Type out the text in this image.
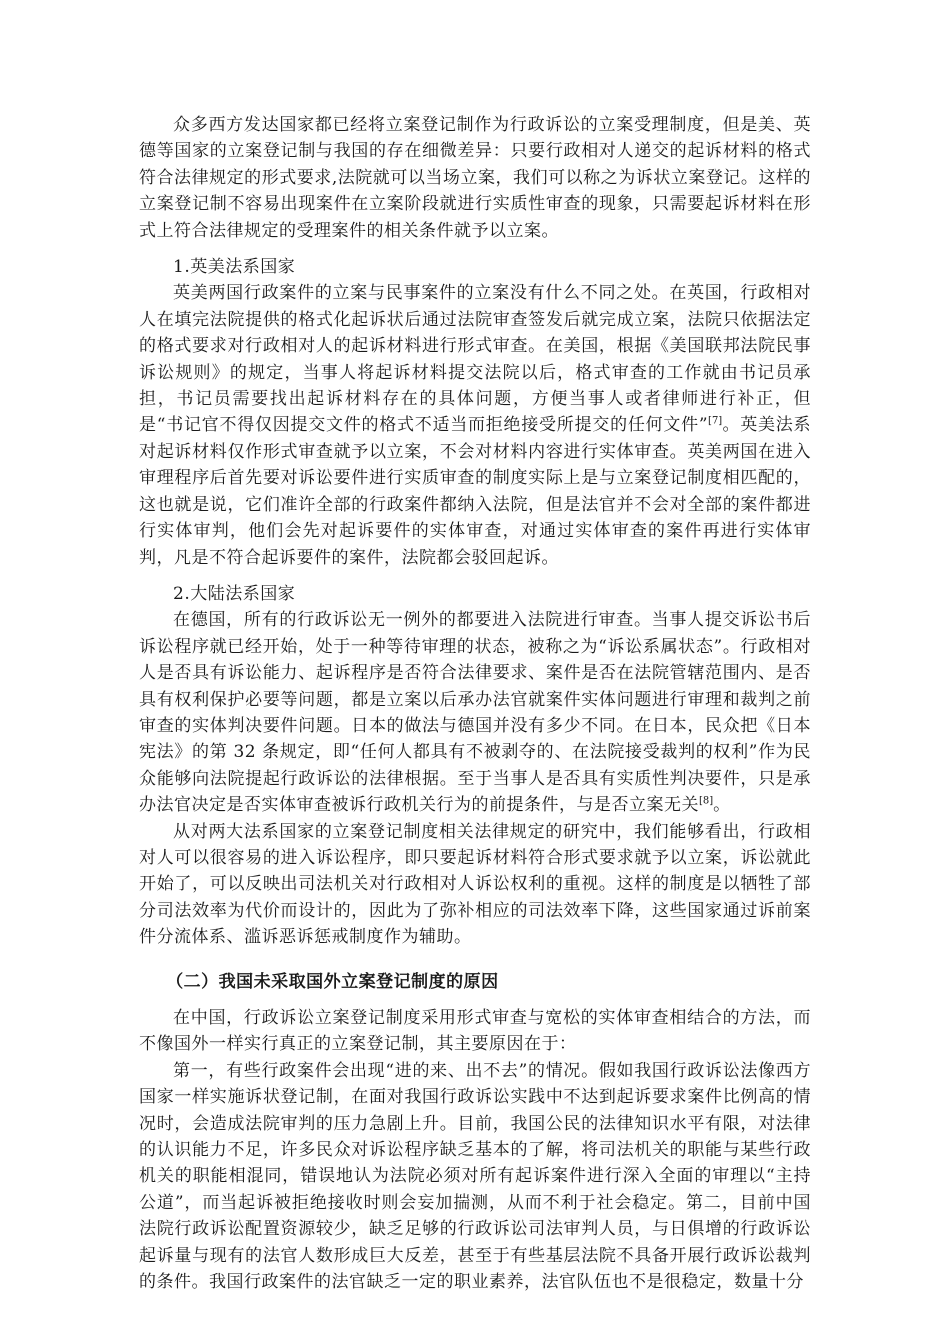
众多西方发达国家都已经将立案登记制作为行政诉讼的立案受理制度，但是美、英德等国家的立案登记制与我国的存在细微差异：只要行政相对人递交的起诉材料的格式符合法律规定的形式要求,法院就可以当场立案，我们可以称之为诉状立案登记。这样的立案登记制不容易出现案件在立案阶段就进行实质性审查的现象，只需要起诉材料在形式上符合法律规定的受理案件的相关条件就予以立案。

1.英美法系国家

英美两国行政案件的立案与民事案件的立案没有什么不同之处。在英国，行政相对人在填完法院提供的格式化起诉状后通过法院审查签发后就完成立案，法院只依据法定的格式要求对行政相对人的起诉材料进行形式审查。在美国，根据《美国联邦法院民事诉讼规则》的规定，当事人将起诉材料提交法院以后，格式审查的工作就由书记员承担，书记员需要找出起诉材料存在的具体问题，方便当事人或者律师进行补正，但是“书记官不得仅因提交文件的格式不适当而拒绝接受所提交的任何文件”[7]。英美法系对起诉材料仅作形式审查就予以立案，不会对材料内容进行实体审查。英美两国在进入审理程序后首先要对诉讼要件进行实质审查的制度实际上是与立案登记制度相匹配的，这也就是说，它们准许全部的行政案件都纳入法院，但是法官并不会对全部的案件都进行实体审判，他们会先对起诉要件的实体审查，对通过实体审查的案件再进行实体审判，凡是不符合起诉要件的案件，法院都会驳回起诉。

2.大陆法系国家

在德国，所有的行政诉讼无一例外的都要进入法院进行审查。当事人提交诉讼书后诉讼程序就已经开始，处于一种等待审理的状态，被称之为“诉讼系属状态”。行政相对人是否具有诉讼能力、起诉程序是否符合法律要求、案件是否在法院管辖范围内、是否具有权利保护必要等问题，都是立案以后承办法官就案件实体问题进行审理和裁判之前审查的实体判决要件问题。日本的做法与德国并没有多少不同。在日本，民众把《日本宪法》的第 32 条规定，即“任何人都具有不被剥夺的、在法院接受裁判的权利”作为民众能够向法院提起行政诉讼的法律根据。至于当事人是否具有实质性判决要件，只是承办法官决定是否实体审查被诉行政机关行为的前提条件，与是否立案无关[8]。

从对两大法系国家的立案登记制度相关法律规定的研究中，我们能够看出，行政相对人可以很容易的进入诉讼程序，即只要起诉材料符合形式要求就予以立案，诉讼就此开始了，可以反映出司法机关对行政相对人诉讼权利的重视。这样的制度是以牺牲了部分司法效率为代价而设计的，因此为了弥补相应的司法效率下降，这些国家通过诉前案件分流体系、滥诉恶诉惩戒制度作为辅助。

（二）我国未采取国外立案登记制度的原因

在中国，行政诉讼立案登记制度采用形式审查与宽松的实体审查相结合的方法，而不像国外一样实行真正的立案登记制，其主要原因在于：

第一，有些行政案件会出现“进的来、出不去”的情况。假如我国行政诉讼法像西方国家一样实施诉状登记制，在面对我国行政诉讼实践中不达到起诉要求案件比例高的情况时，会造成法院审判的压力急剧上升。目前，我国公民的法律知识水平有限，对法律的认识能力不足，许多民众对诉讼程序缺乏基本的了解，将司法机关的职能与某些行政机关的职能相混同，错误地认为法院必须对所有起诉案件进行深入全面的审理以“主持公道”，而当起诉被拒绝接收时则会妄加揣测，从而不利于社会稳定。第二，目前中国法院行政诉讼配置资源较少，缺乏足够的行政诉讼司法审判人员，与日俱增的行政诉讼起诉量与现有的法官人数形成巨大反差，甚至于有些基层法院不具备开展行政诉讼裁判的条件。我国行政案件的法官缺乏一定的职业素养，法官队伍也不是很稳定，数量十分
